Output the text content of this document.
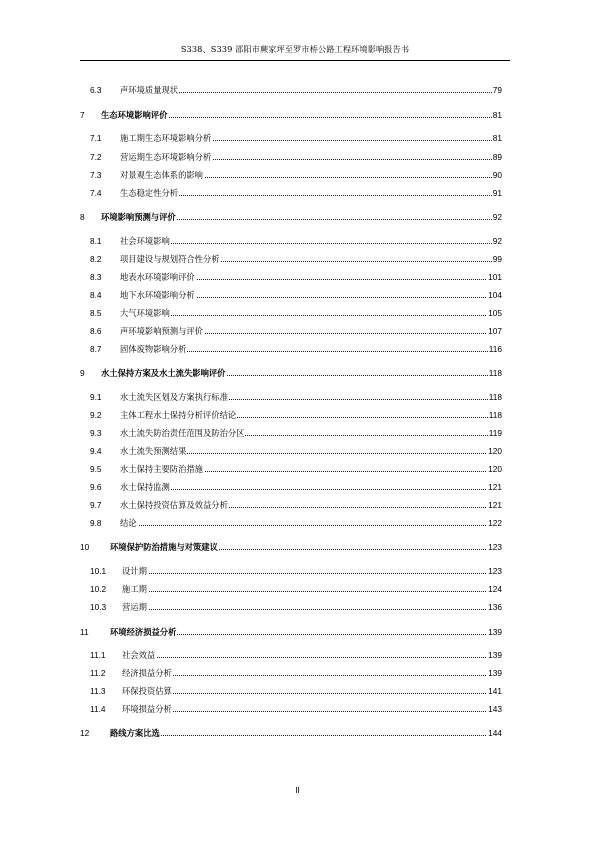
S338、S339 邵阳市蕨家坪至罗市桥公路工程环境影响报告书
6.3 声环境质量现状	79
7 生态环境影响评价	81
7.1 施工期生态环境影响分析	81
7.2 营运期生态环境影响分析	89
7.3 对景观生态体系的影响	90
7.4 生态稳定性分析	91
8 环境影响预测与评价	92
8.1 社会环境影响	92
8.2 项目建设与规划符合性分析	99
8.3 地表水环境影响评价	101
8.4 地下水环境影响分析	104
8.5 大气环境影响	105
8.6 声环境影响预测与评价	107
8.7 固体废物影响分析	116
9 水土保持方案及水土流失影响评价	118
9.1 水土流失区划及方案执行标准	118
9.2 主体工程水土保持分析评价结论	118
9.3 水土流失防治责任范围及防治分区	119
9.4 水土流失预测结果	120
9.5 水土保持主要防治措施	120
9.6 水土保持监测	121
9.7 水土保持投资估算及效益分析	121
9.8 结论	122
10	环境保护防治措施与对策建议	123
10.1 设计期	123
10.2 施工期	124
10.3 营运期	136
11	环境经济损益分析	139
11.1 社会效益	139
11.2 经济损益分析	139
11.3 环保投资估算	141
11.4 环境损益分析	143
12	路线方案比选	144
II
